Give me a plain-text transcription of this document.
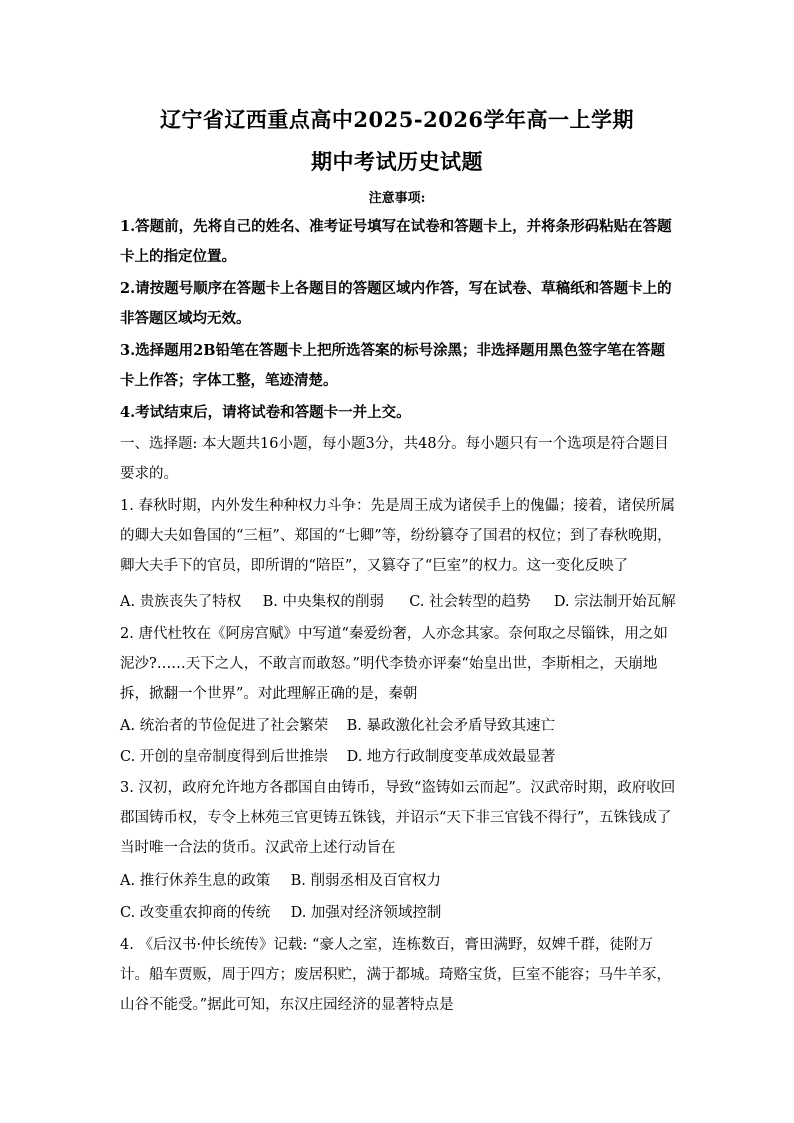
辽宁省辽西重点高中2025-2026学年高一上学期
期中考试历史试题
注意事项:
1.答题前，先将自己的姓名、准考证号填写在试卷和答题卡上，并将条形码粘贴在答题卡上的指定位置。
2.请按题号顺序在答题卡上各题目的答题区域内作答，写在试卷、草稿纸和答题卡上的非答题区域均无效。
3.选择题用2B铅笔在答题卡上把所选答案的标号涂黑；非选择题用黑色签字笔在答题卡上作答；字体工整，笔迹清楚。
4.考试结束后，请将试卷和答题卡一并上交。
一、选择题: 本大题共16小题，每小题3分，共48分。每小题只有一个选项是符合题目要求的。
1. 春秋时期，内外发生种种权力斗争：先是周王成为诸侯手上的傀儡；接着，诸侯所属的卿大夫如鲁国的“三桓”、郑国的“七卿”等，纷纷篡夺了国君的权位；到了春秋晚期，卿大夫手下的官员，即所谓的“陪臣”，又篡夺了“巨室”的权力。这一变化反映了
A. 贵族丧失了特权 B. 中央集权的削弱 C. 社会转型的趋势 D. 宗法制开始瓦解
2. 唐代杜牧在《阿房宫赋》中写道“秦爱纷奢，人亦念其家。奈何取之尽锱铢，用之如泥沙?……天下之人，不敢言而敢怒。”明代李贽亦评秦“始皇出世，李斯相之，天崩地拆，掀翻一个世界”。对此理解正确的是，秦朝
A. 统治者的节俭促进了社会繁荣 B. 暴政激化社会矛盾导致其速亡
C. 开创的皇帝制度得到后世推崇 D. 地方行政制度变革成效最显著
3. 汉初，政府允许地方各郡国自由铸币，导致“盗铸如云而起”。汉武帝时期，政府收回郡国铸币权，专令上林苑三官更铸五铢钱，并诏示“天下非三官钱不得行”，五铢钱成了当时唯一合法的货币。汉武帝上述行动旨在
A. 推行休养生息的政策 B. 削弱丞相及百官权力
C. 改变重农抑商的传统 D. 加强对经济领域控制
4. 《后汉书·仲长统传》记载: “豪人之室，连栋数百，膏田满野，奴婢千群，徒附万计。船车贾贩，周于四方；废居积贮，满于都城。琦赂宝货，巨室不能容；马牛羊豕，山谷不能受。”据此可知，东汉庄园经济的显著特点是
